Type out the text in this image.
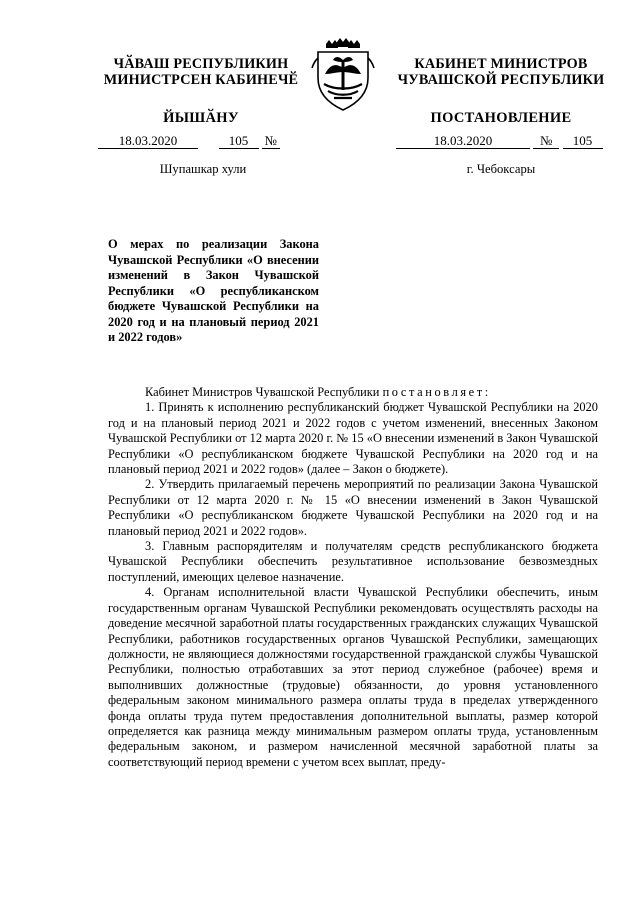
ЧӐВАШ РЕСПУБЛИКИН
МИНИСТРСЕН КАБИНЕЧӖ
ЙЫШӐНУ
КАБИНЕТ МИНИСТРОВ
ЧУВАШСКОЙ РЕСПУБЛИКИ
ПОСТАНОВЛЕНИЕ
18.03.2020	105 №	18.03.2020	№ 105
Шупашкар хули	г. Чебоксары
О мерах по реализации Закона Чувашской Республики «О внесении изменений в Закон Чувашской Республики «О республиканском бюджете Чувашской Республики на 2020 год и на плановый период 2021 и 2022 годов»

Кабинет Министров Чувашской Республики постановляет:

1. Принять к исполнению республиканский бюджет Чувашской Республики на 2020 год и на плановый период 2021 и 2022 годов с учетом изменений, внесенных Законом Чувашской Республики от 12 марта 2020 г. № 15 «О внесении изменений в Закон Чувашской Республики «О республиканском бюджете Чувашской Республики на 2020 год и на плановый период 2021 и 2022 годов» (далее – Закон о бюджете).

2. Утвердить прилагаемый перечень мероприятий по реализации Закона Чувашской Республики от 12 марта 2020 г. № 15 «О внесении изменений в Закон Чувашской Республики «О республиканском бюджете Чувашской Республики на 2020 год и на плановый период 2021 и 2022 годов».

3. Главным распорядителям и получателям средств республиканского бюджета Чувашской Республики обеспечить результативное использование безвозмездных поступлений, имеющих целевое назначение.

4. Органам исполнительной власти Чувашской Республики обеспечить, иным государственным органам Чувашской Республики рекомендовать осуществлять расходы на доведение месячной заработной платы государственных гражданских служащих Чувашской Республики, работников государственных органов Чувашской Республики, замещающих должности, не являющиеся должностями государственной гражданской службы Чувашской Республики, полностью отработавших за этот период служебное (рабочее) время и выполнивших должностные (трудовые) обязанности, до уровня установленного федеральным законом минимального размера оплаты труда в пределах утвержденного фонда оплаты труда путем предоставления дополнительной выплаты, размер которой определяется как разница между минимальным размером оплаты труда, установленным федеральным законом, и размером начисленной месячной заработной платы за соответствующий период времени с учетом всех выплат, преду-
